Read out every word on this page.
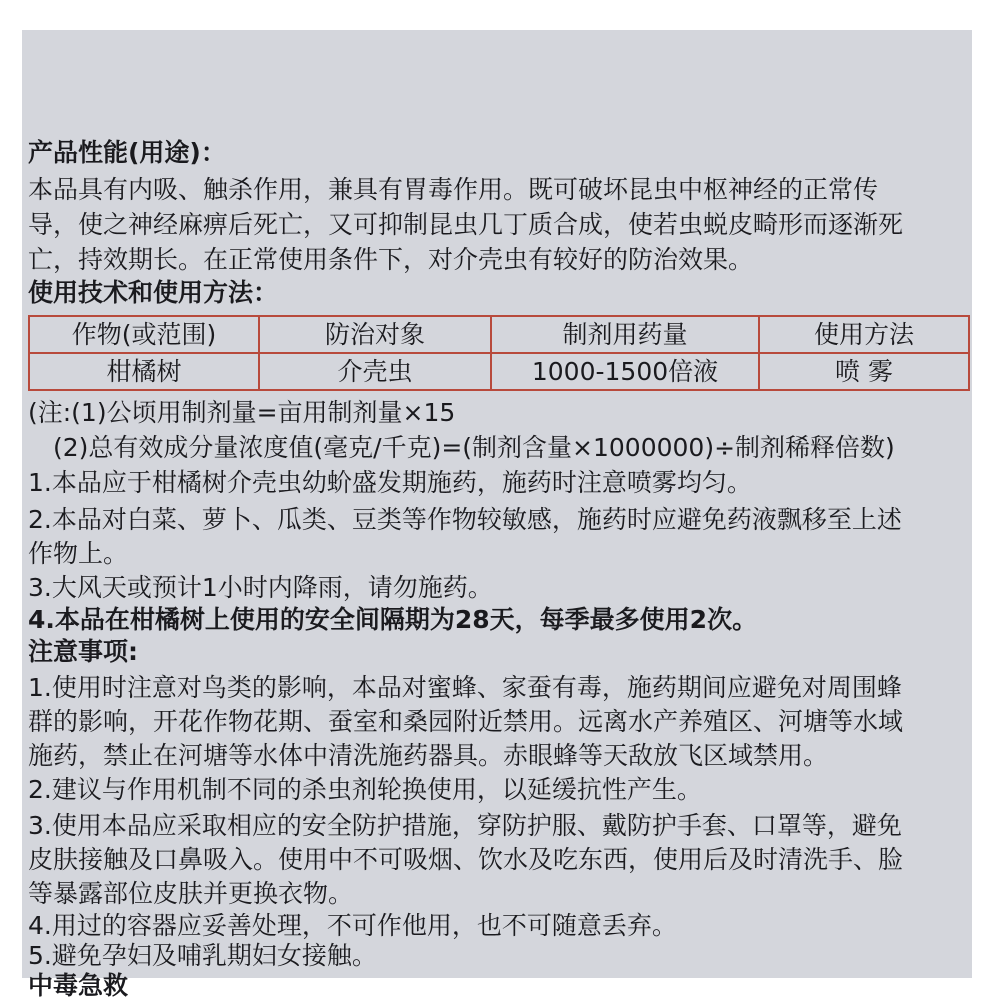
产品性能(用途)：
本品具有内吸、触杀作用，兼具有胃毒作用。既可破坏昆虫中枢神经的正常传
导，使之神经麻痹后死亡，又可抑制昆虫几丁质合成，使若虫蜕皮畸形而逐渐死
亡，持效期长。在正常使用条件下，对介壳虫有较好的防治效果。
使用技术和使用方法：
作物(或范围)	防治对象	制剂用药量	使用方法
柑橘树	介壳虫	1000-1500倍液	喷 雾
(注:(1)公顷用制剂量=亩用制剂量×15
　(2)总有效成分量浓度值(毫克/千克)=(制剂含量×1000000)÷制剂稀释倍数)
1.本品应于柑橘树介壳虫幼蚧盛发期施药，施药时注意喷雾均匀。
2.本品对白菜、萝卜、瓜类、豆类等作物较敏感，施药时应避免药液飘移至上述
作物上。
3.大风天或预计1小时内降雨，请勿施药。
4.本品在柑橘树上使用的安全间隔期为28天，每季最多使用2次。
注意事项:
1.使用时注意对鸟类的影响，本品对蜜蜂、家蚕有毒，施药期间应避免对周围蜂
群的影响，开花作物花期、蚕室和桑园附近禁用。远离水产养殖区、河塘等水域
施药，禁止在河塘等水体中清洗施药器具。赤眼蜂等天敌放飞区域禁用。
2.建议与作用机制不同的杀虫剂轮换使用，以延缓抗性产生。
3.使用本品应采取相应的安全防护措施，穿防护服、戴防护手套、口罩等，避免
皮肤接触及口鼻吸入。使用中不可吸烟、饮水及吃东西，使用后及时清洗手、脸
等暴露部位皮肤并更换衣物。
4.用过的容器应妥善处理，不可作他用，也不可随意丢弃。
5.避免孕妇及哺乳期妇女接触。
中毒急救
